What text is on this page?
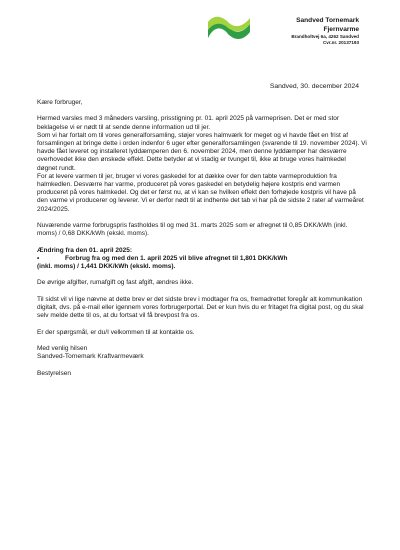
Sandved Tornemark
Fjernvarme
Brandholtvej 6a, 4262 Sandved
Cvr.nr. 20137193
Sandved, 30. december 2024

Kære forbruger,

Hermed varsles med 3 måneders varsling, prisstigning pr. 01. april 2025 på varmeprisen. Det er med stor beklagelse vi er nødt til at sende denne information ud til jer.
Som vi har fortalt om til vores generalforsamling, støjer vores halmværk for meget og vi havde fået en frist af forsamlingen at bringe dette i orden indenfor 6 uger efter generalforsamlingen (svarende til 19. november 2024). Vi havde fået leveret og installeret lyddæmperen den 6. november 2024, men denne lyddæmper har desværre overhovedet ikke den ønskede effekt. Dette betyder at vi stadig er tvunget til, ikke at bruge vores halmkedel døgnet rundt.

For at levere varmen til jer, bruger vi vores gaskedel for at dække over for den tabte varmeproduktion fra halmkedlen. Desværre har varme, produceret på vores gaskedel en betydelig højere kostpris end varmen produceret på vores halmkedel. Og det er først nu, at vi kan se hvilken effekt den forhøjede kostpris vil have på den varme vi producerer og leverer. Vi er derfor nødt til at indhente det tab vi har på de sidste 2 rater af varmeåret 2024/2025.

Nuværende varme forbrugspris fastholdes til og med 31. marts 2025 som er afregnet til 0,85 DKK/kWh (inkl. moms) / 0,68 DKK/kWh (ekskl. moms).

Ændring fra den 01. april 2025:
•	Forbrug fra og med den 1. april 2025 vil blive afregnet til 1,801 DKK/kWh

(inkl. moms) / 1,441 DKK/kWh (ekskl. moms).

De øvrige afgifter, rumafgift og fast afgift, ændres ikke.

Til sidst vil vi lige nævne at dette brev er det sidste brev i modtager fra os, fremadrettet foregår alt kommunikation digitalt, dvs. på e-mail eller igennem vores forbrugerportal. Det er kun hvis du er fritaget fra digital post, og du skal selv melde dette til os, at du fortsat vil få brevpost fra os.

Er der spørgsmål, er du/I velkommen til at kontakte os.

Med venlig hilsen

Sandved-Tornemark Kraftvarmeværk

Bestyrelsen
